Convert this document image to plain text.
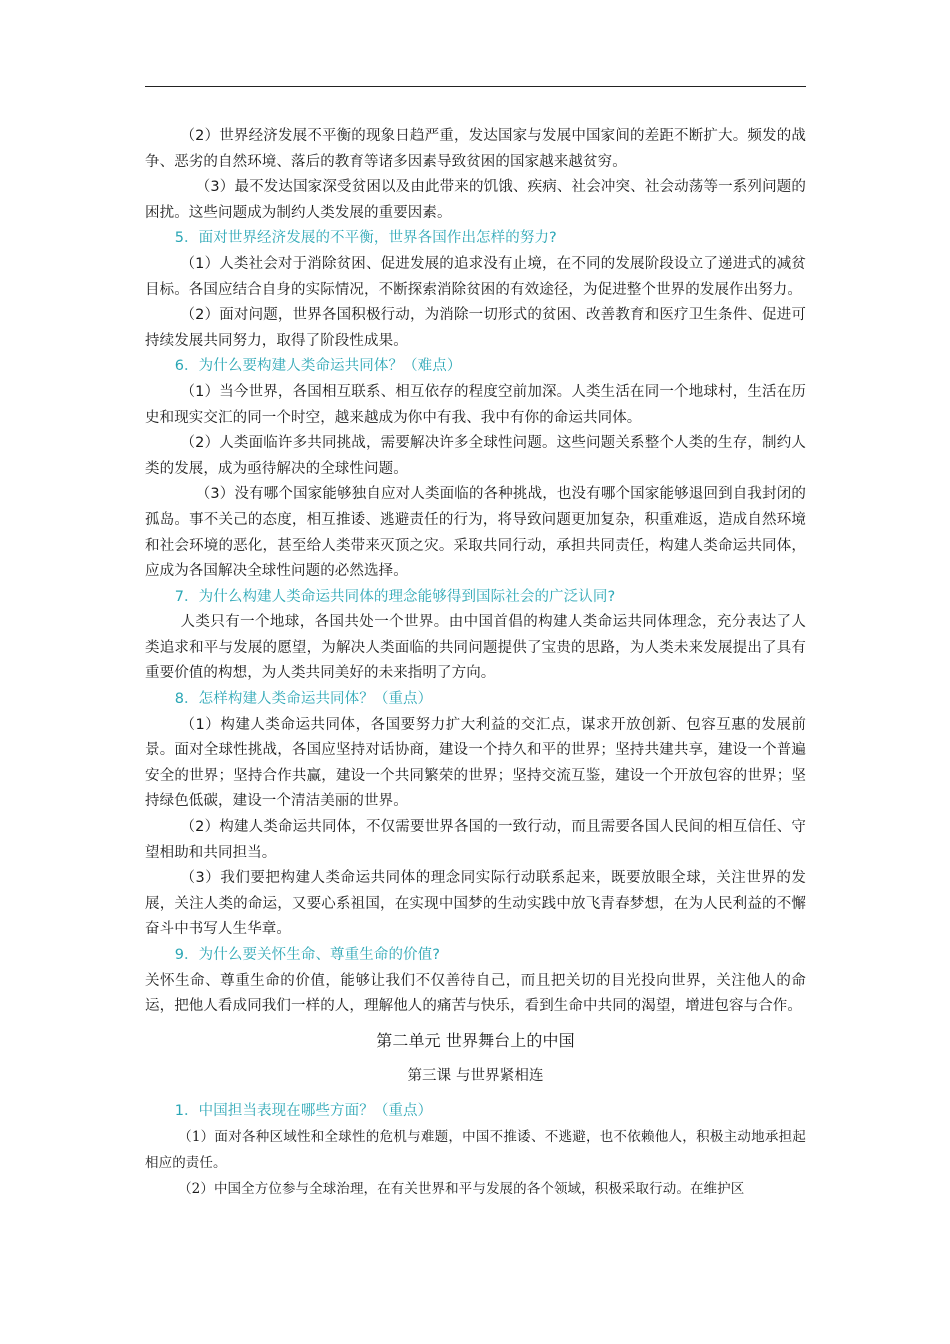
（2）世界经济发展不平衡的现象日趋严重，发达国家与发展中国家间的差距不断扩大。频发的战争、恶劣的自然环境、落后的教育等诸多因素导致贫困的国家越来越贫穷。

（3）最不发达国家深受贫困以及由此带来的饥饿、疾病、社会冲突、社会动荡等一系列问题的困扰。这些问题成为制约人类发展的重要因素。

5．面对世界经济发展的不平衡，世界各国作出怎样的努力?

（1）人类社会对于消除贫困、促进发展的追求没有止境，在不同的发展阶段设立了递进式的减贫目标。各国应结合自身的实际情况，不断探索消除贫困的有效途径，为促进整个世界的发展作出努力。

（2）面对问题，世界各国积极行动，为消除一切形式的贫困、改善教育和医疗卫生条件、促进可持续发展共同努力，取得了阶段性成果。

6．为什么要构建人类命运共同体？（难点）

（1）当今世界，各国相互联系、相互依存的程度空前加深。人类生活在同一个地球村，生活在历史和现实交汇的同一个时空，越来越成为你中有我、我中有你的命运共同体。

（2）人类面临许多共同挑战，需要解决许多全球性问题。这些问题关系整个人类的生存，制约人类的发展，成为亟待解决的全球性问题。

（3）没有哪个国家能够独自应对人类面临的各种挑战，也没有哪个国家能够退回到自我封闭的孤岛。事不关己的态度，相互推诿、逃避责任的行为，将导致问题更加复杂，积重难返，造成自然环境和社会环境的恶化，甚至给人类带来灭顶之灾。采取共同行动，承担共同责任，构建人类命运共同体，应成为各国解决全球性问题的必然选择。

7．为什么构建人类命运共同体的理念能够得到国际社会的广泛认同?

人类只有一个地球，各国共处一个世界。由中国首倡的构建人类命运共同体理念，充分表达了人类追求和平与发展的愿望，为解决人类面临的共同问题提供了宝贵的思路，为人类未来发展提出了具有重要价值的构想，为人类共同美好的未来指明了方向。

8．怎样构建人类命运共同体？（重点）

（1）构建人类命运共同体，各国要努力扩大利益的交汇点，谋求开放创新、包容互惠的发展前景。面对全球性挑战，各国应坚持对话协商，建设一个持久和平的世界；坚持共建共享，建设一个普遍安全的世界；坚持合作共赢，建设一个共同繁荣的世界；坚持交流互鉴，建设一个开放包容的世界；坚持绿色低碳，建设一个清洁美丽的世界。

（2）构建人类命运共同体，不仅需要世界各国的一致行动，而且需要各国人民间的相互信任、守望相助和共同担当。

（3）我们要把构建人类命运共同体的理念同实际行动联系起来，既要放眼全球，关注世界的发展，关注人类的命运，又要心系祖国，在实现中国梦的生动实践中放飞青春梦想，在为人民利益的不懈奋斗中书写人生华章。

9．为什么要关怀生命、尊重生命的价值?

关怀生命、尊重生命的价值，能够让我们不仅善待自己，而且把关切的目光投向世界，关注他人的命运，把他人看成同我们一样的人，理解他人的痛苦与快乐，看到生命中共同的渴望，增进包容与合作。

第二单元 世界舞台上的中国

第三课 与世界紧相连

1．中国担当表现在哪些方面？（重点）

（1）面对各种区域性和全球性的危机与难题，中国不推诿、不逃避，也不依赖他人，积极主动地承担起相应的责任。

（2）中国全方位参与全球治理，在有关世界和平与发展的各个领域，积极采取行动。在维护区
